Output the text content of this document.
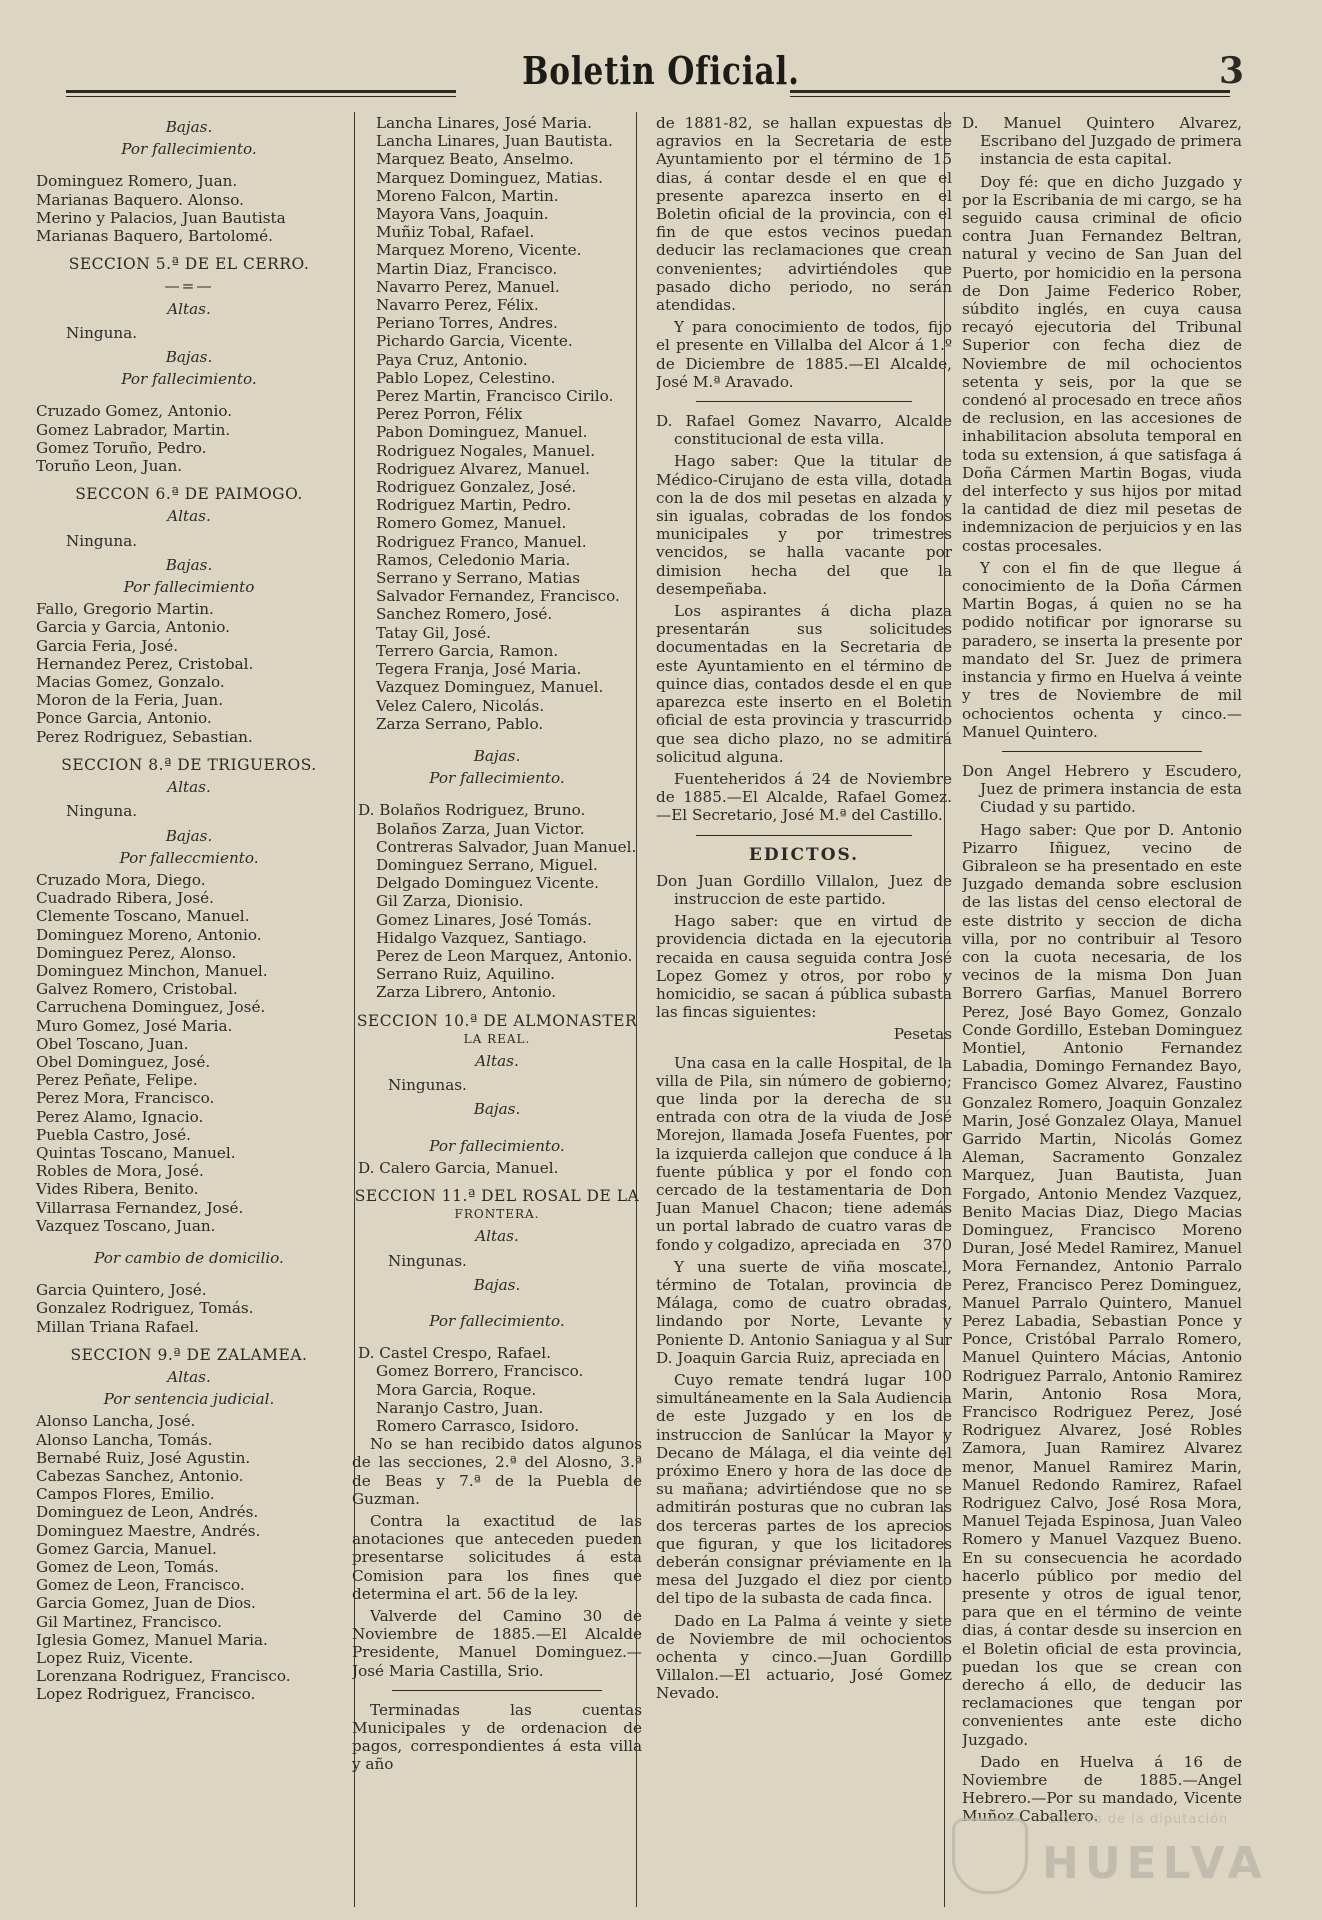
Boletin Oficial.	3
Bajas.
Por fallecimiento.
Dominguez Romero, Juan.
Marianas Baquero. Alonso.
Merino y Palacios, Juan Bautista
Marianas Baquero, Bartolomé.
SECCION 5.ª DE EL CERRO.
—=—
Altas.
Ninguna.
Bajas.
Por fallecimiento.
Cruzado Gomez, Antonio.
Gomez Labrador, Martin.
Gomez Toruño, Pedro.
Toruño Leon, Juan.
SECCON 6.ª DE PAIMOGO.
Altas.
Ninguna.
Bajas.
Por fallecimiento
Fallo, Gregorio Martin.
Garcia y Garcia, Antonio.
Garcia Feria, José.
Hernandez Perez, Cristobal.
Macias Gomez, Gonzalo.
Moron de la Feria, Juan.
Ponce Garcia, Antonio.
Perez Rodriguez, Sebastian.
SECCION 8.ª DE TRIGUEROS.
Altas.
Ninguna.
Bajas.
Por falleccmiento.
Cruzado Mora, Diego.
Cuadrado Ribera, José.
Clemente Toscano, Manuel.
Dominguez Moreno, Antonio.
Dominguez Perez, Alonso.
Dominguez Minchon, Manuel.
Galvez Romero, Cristobal.
Carruchena Dominguez, José.
Muro Gomez, José Maria.
Obel Toscano, Juan.
Obel Dominguez, José.
Perez Peñate, Felipe.
Perez Mora, Francisco.
Perez Alamo, Ignacio.
Puebla Castro, José.
Quintas Toscano, Manuel.
Robles de Mora, José.
Vides Ribera, Benito.
Villarrasa Fernandez, José.
Vazquez Toscano, Juan.
Por cambio de domicilio.
Garcia Quintero, José.
Gonzalez Rodriguez, Tomás.
Millan Triana Rafael.
SECCION 9.ª DE ZALAMEA.
Altas.
Por sentencia judicial.
Alonso Lancha, José.
Alonso Lancha, Tomás.
Bernabé Ruiz, José Agustin.
Cabezas Sanchez, Antonio.
Campos Flores, Emilio.
Dominguez de Leon, Andrés.
Dominguez Maestre, Andrés.
Gomez Garcia, Manuel.
Gomez de Leon, Tomás.
Gomez de Leon, Francisco.
Garcia Gomez, Juan de Dios.
Gil Martinez, Francisco.
Iglesia Gomez, Manuel Maria.
Lopez Ruiz, Vicente.
Lorenzana Rodriguez, Francisco.
Lopez Rodriguez, Francisco.
Lancha Linares, José Maria.
Lancha Linares, Juan Bautista.
Marquez Beato, Anselmo.
Marquez Dominguez, Matias.
Moreno Falcon, Martin.
Mayora Vans, Joaquin.
Muñiz Tobal, Rafael.
Marquez Moreno, Vicente.
Martin Diaz, Francisco.
Navarro Perez, Manuel.
Navarro Perez, Félix.
Periano Torres, Andres.
Pichardo Garcia, Vicente.
Paya Cruz, Antonio.
Pablo Lopez, Celestino.
Perez Martin, Francisco Cirilo.
Perez Porron, Félix
Pabon Dominguez, Manuel.
Rodriguez Nogales, Manuel.
Rodriguez Alvarez, Manuel.
Rodriguez Gonzalez, José.
Rodriguez Martin, Pedro.
Romero Gomez, Manuel.
Rodriguez Franco, Manuel.
Ramos, Celedonio Maria.
Serrano y Serrano, Matias
Salvador Fernandez, Francisco.
Sanchez Romero, José.
Tatay Gil, José.
Terrero Garcia, Ramon.
Tegera Franja, José Maria.
Vazquez Dominguez, Manuel.
Velez Calero, Nicolás.
Zarza Serrano, Pablo.
Bajas.
Por fallecimiento.
D. Bolaños Rodriguez, Bruno.
Bolaños Zarza, Juan Victor.
Contreras Salvador, Juan Manuel.
Dominguez Serrano, Miguel.
Delgado Dominguez Vicente.
Gil Zarza, Dionisio.
Gomez Linares, José Tomás.
Hidalgo Vazquez, Santiago.
Perez de Leon Marquez, Antonio.
Serrano Ruiz, Aquilino.
Zarza Librero, Antonio.
SECCION 10.ª DE ALMONASTER
LA REAL.
Altas.
Ningunas.
Bajas.
Por fallecimiento.
D. Calero Garcia, Manuel.
SECCION 11.ª DEL ROSAL DE LA
FRONTERA.
Altas.
Ningunas.
Bajas.
Por fallecimiento.
D. Castel Crespo, Rafael.
Gomez Borrero, Francisco.
Mora Garcia, Roque.
Naranjo Castro, Juan.
Romero Carrasco, Isidoro.

No se han recibido datos algunos de las secciones, 2.ª del Alosno, 3.ª de Beas y 7.ª de la Puebla de Guzman.

Contra la exactitud de las anotaciones que anteceden pueden presentarse solicitudes á esta Comision para los fines que determina el art. 56 de la ley.

Valverde del Camino 30 de Noviembre de 1885.—El Alcalde Presidente, Manuel Dominguez.—José Maria Castilla, Srio.

Terminadas las cuentas Municipales y de ordenacion de pagos, correspondientes á esta villa y año

de 1881-82, se hallan expuestas de agravios en la Secretaria de este Ayuntamiento por el término de 15 dias, á contar desde el en que el presente aparezca inserto en el Boletin oficial de la provincia, con el fin de que estos vecinos puedan deducir las reclamaciones que crean convenientes; advirtiéndoles que pasado dicho periodo, no serán atendidas.

Y para conocimiento de todos, fijo el presente en Villalba del Alcor á 1.º de Diciembre de 1885.—El Alcalde, José M.ª Aravado.

D. Rafael Gomez Navarro, Alcalde constitucional de esta villa.

Hago saber: Que la titular de Médico-Cirujano de esta villa, dotada con la de dos mil pesetas en alzada y sin igualas, cobradas de los fondos municipales y por trimestres vencidos, se halla vacante por dimision hecha del que la desempeñaba.

Los aspirantes á dicha plaza presentarán sus solicitudes documentadas en la Secretaria de este Ayuntamiento en el término de quince dias, contados desde el en que aparezca este inserto en el Boletin oficial de esta provincia y trascurrido que sea dicho plazo, no se admitirá solicitud alguna.

Fuenteheridos á 24 de Noviembre de 1885.—El Alcalde, Rafael Gomez.—El Secretario, José M.ª del Castillo.

EDICTOS.

Don Juan Gordillo Villalon, Juez de instruccion de este partido.

Hago saber: que en virtud de providencia dictada en la ejecutoria recaida en causa seguida contra José Lopez Gomez y otros, por robo y homicidio, se sacan á pública subasta las fincas siguientes:

Pesetas

Una casa en la calle Hospital, de la villa de Pila, sin número de gobierno; que linda por la derecha de su entrada con otra de la viuda de José Morejon, llamada Josefa Fuentes, por la izquierda callejon que conduce á la fuente pública y por el fondo con cercado de la testamentaria de Don Juan Manuel Chacon; tiene además un portal labrado de cuatro varas de fondo y colgadizo, apreciada en	370

Y una suerte de viña moscatel, término de Totalan, provincia de Málaga, como de cuatro obradas, lindando por Norte, Levante y Poniente D. Antonio Saniagua y al Sur D. Joaquin Garcia Ruiz, apreciada en
100

Cuyo remate tendrá lugar simultáneamente en la Sala Audiencia de este Juzgado y en los de instruccion de Sanlúcar la Mayor y Decano de Málaga, el dia veinte del próximo Enero y hora de las doce de su mañana; advirtiéndose que no se admitirán posturas que no cubran las dos terceras partes de los aprecios que figuran, y que los licitadores deberán consignar préviamente en la mesa del Juzgado el diez por ciento del tipo de la subasta de cada finca.

Dado en La Palma á veinte y siete de Noviembre de mil ochocientos ochenta y cinco.—Juan Gordillo Villalon.—El actuario, José Gomez Nevado.

D. Manuel Quintero Alvarez, Escribano del Juzgado de primera instancia de esta capital.

Doy fé: que en dicho Juzgado y por la Escribania de mi cargo, se ha seguido causa criminal de oficio contra Juan Fernandez Beltran, natural y vecino de San Juan del Puerto, por homicidio en la persona de Don Jaime Federico Rober, súbdito inglés, en cuya causa recayó ejecutoria del Tribunal Superior con fecha diez de Noviembre de mil ochocientos setenta y seis, por la que se condenó al procesado en trece años de reclusion, en las accesiones de inhabilitacion absoluta temporal en toda su extension, á que satisfaga á Doña Cármen Martin Bogas, viuda del interfecto y sus hijos por mitad la cantidad de diez mil pesetas de indemnizacion de perjuicios y en las costas procesales.

Y con el fin de que llegue á conocimiento de la Doña Cármen Martin Bogas, á quien no se ha podido notificar por ignorarse su paradero, se inserta la presente por mandato del Sr. Juez de primera instancia y firmo en Huelva á veinte y tres de Noviembre de mil ochocientos ochenta y cinco.—Manuel Quintero.

Don Angel Hebrero y Escudero, Juez de primera instancia de esta Ciudad y su partido.

Hago saber: Que por D. Antonio Pizarro Iñiguez, vecino de Gibraleon se ha presentado en este Juzgado demanda sobre esclusion de las listas del censo electoral de este distrito y seccion de dicha villa, por no contribuir al Tesoro con la cuota necesaria, de los vecinos de la misma Don Juan Borrero Garfias, Manuel Borrero Perez, José Bayo Gomez, Gonzalo Conde Gordillo, Esteban Dominguez Montiel, Antonio Fernandez Labadia, Domingo Fernandez Bayo, Francisco Gomez Alvarez, Faustino Gonzalez Romero, Joaquin Gonzalez Marin, José Gonzalez Olaya, Manuel Garrido Martin, Nicolás Gomez Aleman, Sacramento Gonzalez Marquez, Juan Bautista, Juan Forgado, Antonio Mendez Vazquez, Benito Macias Diaz, Diego Macias Dominguez, Francisco Moreno Duran, José Medel Ramirez, Manuel Mora Fernandez, Antonio Parralo Perez, Francisco Perez Dominguez, Manuel Parralo Quintero, Manuel Perez Labadia, Sebastian Ponce y Ponce, Cristóbal Parralo Romero, Manuel Quintero Mácias, Antonio Rodriguez Parralo, Antonio Ramirez Marin, Antonio Rosa Mora, Francisco Rodriguez Perez, José Rodriguez Alvarez, José Robles Zamora, Juan Ramirez Alvarez menor, Manuel Ramirez Marin, Manuel Redondo Ramirez, Rafael Rodriguez Calvo, José Rosa Mora, Manuel Tejada Espinosa, Juan Valeo Romero y Manuel Vazquez Bueno. En su consecuencia he acordado hacerlo público por medio del presente y otros de igual tenor, para que en el término de veinte dias, á contar desde su insercion en el Boletin oficial de esta provincia, puedan los que se crean con derecho á ello, de deducir las reclamaciones que tengan por convenientes ante este dicho Juzgado.

Dado en Huelva á 16 de Noviembre de 1885.—Angel Hebrero.—Por su mandado, Vicente Muñoz Caballero.

archivo de la diputación
HUELVA
